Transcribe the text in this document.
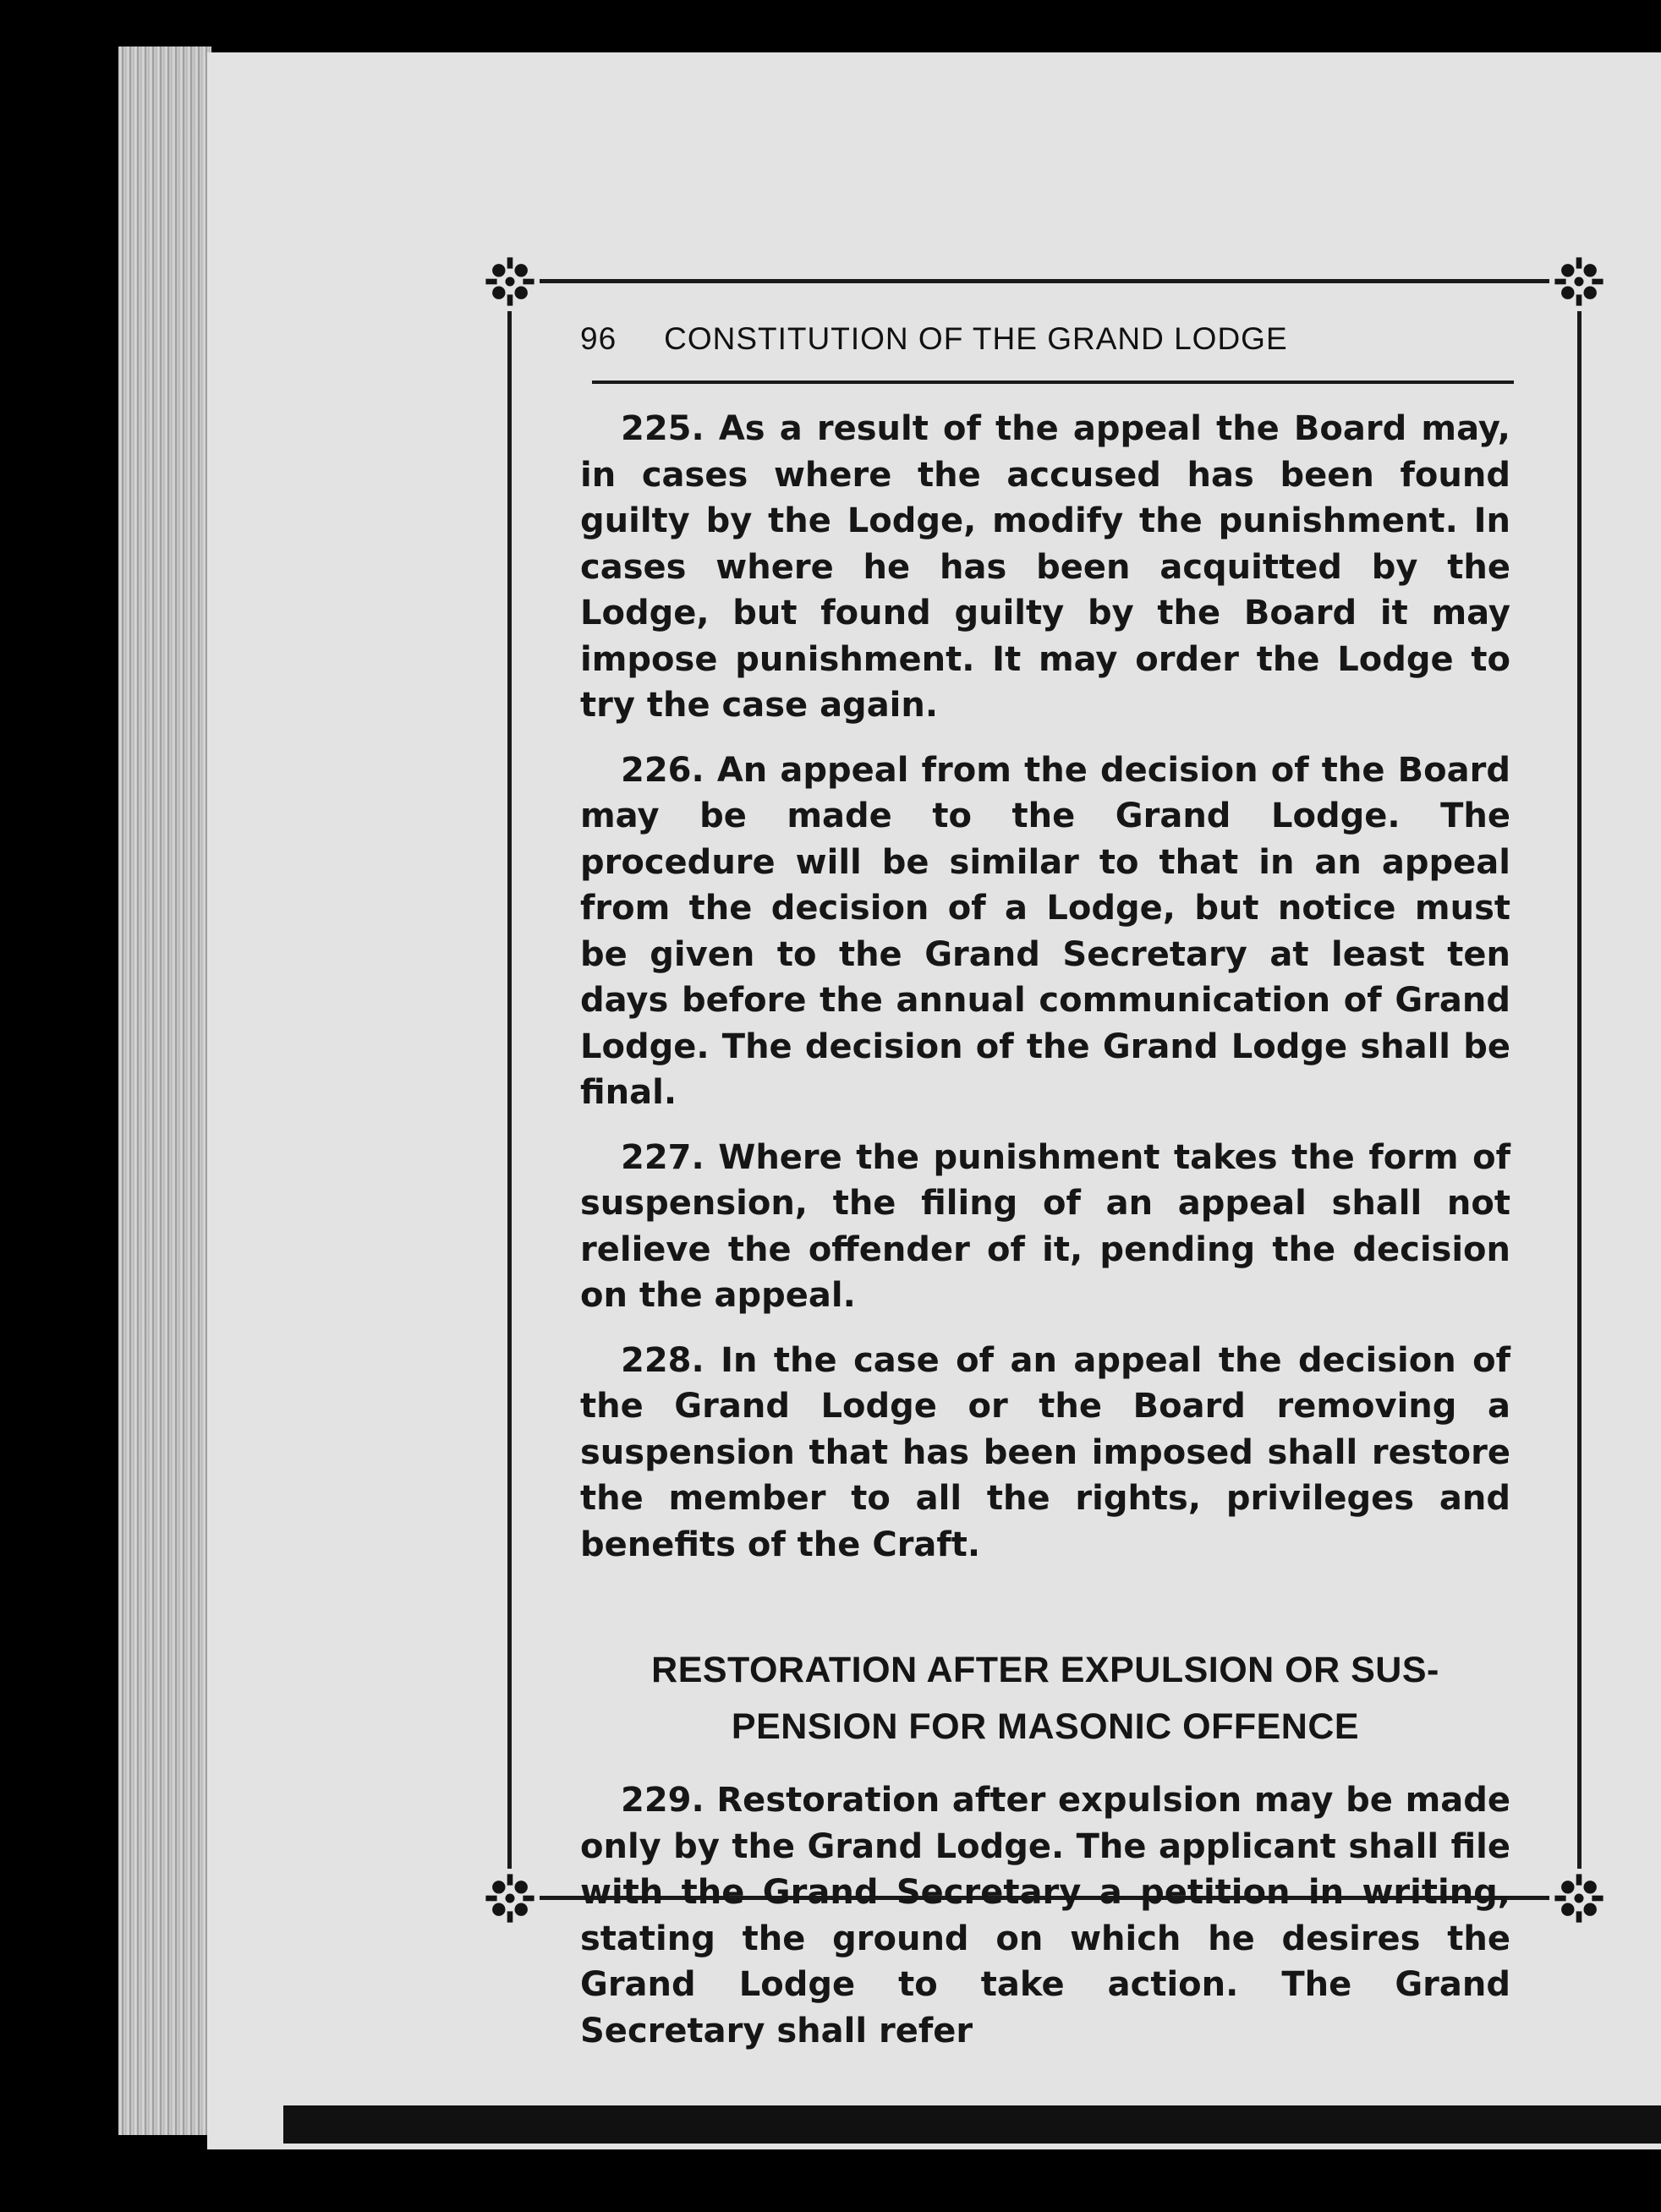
96 CONSTITUTION OF THE GRAND LODGE

225. As a result of the appeal the Board may, in cases where the accused has been found guilty by the Lodge, modify the punishment. In cases where he has been acquitted by the Lodge, but found guilty by the Board it may impose punishment. It may order the Lodge to try the case again.

226. An appeal from the decision of the Board may be made to the Grand Lodge. The procedure will be similar to that in an appeal from the decision of a Lodge, but notice must be given to the Grand Secretary at least ten days before the annual communication of Grand Lodge. The decision of the Grand Lodge shall be final.

227. Where the punishment takes the form of suspension, the filing of an appeal shall not relieve the offender of it, pending the decision on the appeal.

228. In the case of an appeal the decision of the Grand Lodge or the Board removing a suspension that has been imposed shall restore the member to all the rights, privileges and benefits of the Craft.

RESTORATION AFTER EXPULSION OR SUS-
PENSION FOR MASONIC OFFENCE

229. Restoration after expulsion may be made only by the Grand Lodge. The applicant shall file with the Grand Secretary a petition in writing, stating the ground on which he desires the Grand Lodge to take action. The Grand Secretary shall refer
